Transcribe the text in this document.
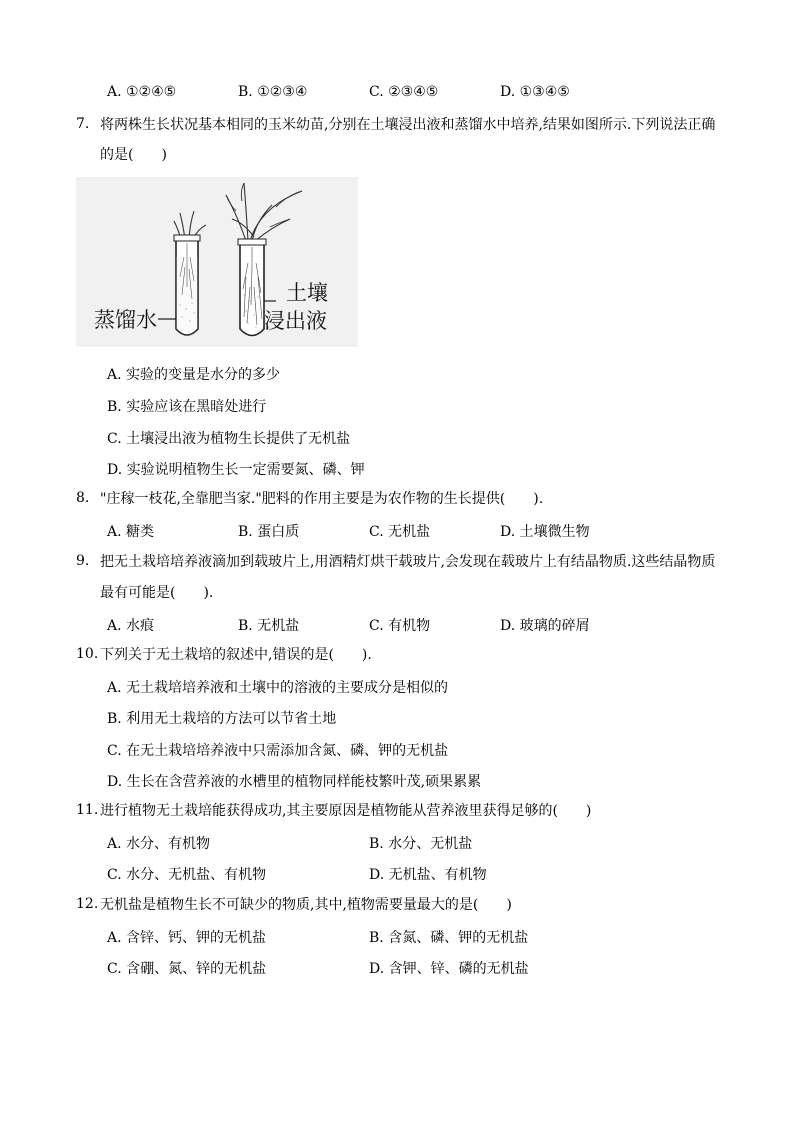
A. ①②④⑤	B. ①②③④	C. ②③④⑤	D. ①③④⑤
7. 将两株生长状况基本相同的玉米幼苗,分别在土壤浸出液和蒸馏水中培养,结果如图所示.下列说法正确
的是(　　)
蒸馏水
土壤
浸出液
A. 实验的变量是水分的多少
B. 实验应该在黑暗处进行
C. 土壤浸出液为植物生长提供了无机盐
D. 实验说明植物生长一定需要氮、磷、钾
8. "庄稼一枝花,全靠肥当家."肥料的作用主要是为农作物的生长提供(　　).
A. 糖类	B. 蛋白质	C. 无机盐	D. 土壤微生物
9. 把无土栽培培养液滴加到载玻片上,用酒精灯烘干载玻片,会发现在载玻片上有结晶物质.这些结晶物质
最有可能是(　　).
A. 水痕	B. 无机盐	C. 有机物	D. 玻璃的碎屑
10. 下列关于无土栽培的叙述中,错误的是(　　).
A. 无土栽培培养液和土壤中的溶液的主要成分是相似的
B. 利用无土栽培的方法可以节省土地
C. 在无土栽培培养液中只需添加含氮、磷、钾的无机盐
D. 生长在含营养液的水槽里的植物同样能枝繁叶茂,硕果累累
11. 进行植物无土栽培能获得成功,其主要原因是植物能从营养液里获得足够的(　　)
A. 水分、有机物	B. 水分、无机盐
C. 水分、无机盐、有机物	D. 无机盐、有机物
12. 无机盐是植物生长不可缺少的物质,其中,植物需要量最大的是(　　)
A. 含锌、钙、钾的无机盐	B. 含氮、磷、钾的无机盐
C. 含硼、氮、锌的无机盐	D. 含钾、锌、磷的无机盐
